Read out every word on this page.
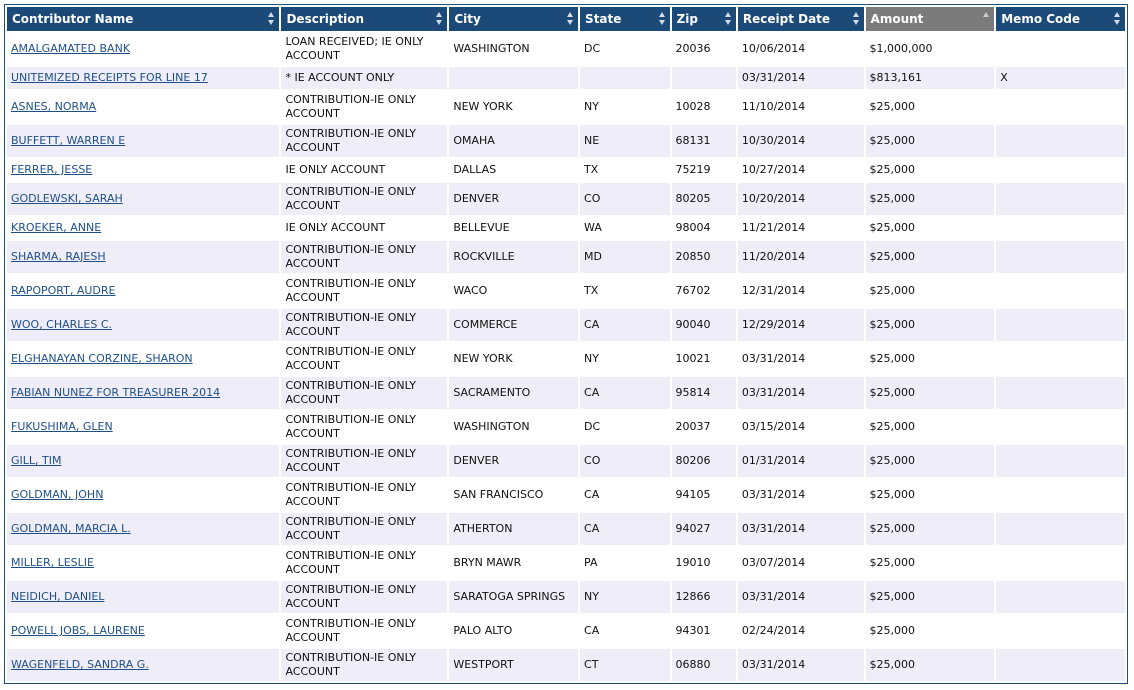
Contributor Name	Description	City	State	Zip	Receipt Date	Amount	Memo Code

AMALGAMATED BANK	LOAN RECEIVED; IE ONLY ACCOUNT	WASHINGTON	DC	20036	10/06/2014	$1,000,000	
UNITEMIZED RECEIPTS FOR LINE 17	* IE ACCOUNT ONLY				03/31/2014	$813,161	X
ASNES, NORMA	CONTRIBUTION-IE ONLY ACCOUNT	NEW YORK	NY	10028	11/10/2014	$25,000	
BUFFETT, WARREN E	CONTRIBUTION-IE ONLY ACCOUNT	OMAHA	NE	68131	10/30/2014	$25,000	
FERRER, JESSE	IE ONLY ACCOUNT	DALLAS	TX	75219	10/27/2014	$25,000	
GODLEWSKI, SARAH	CONTRIBUTION-IE ONLY ACCOUNT	DENVER	CO	80205	10/20/2014	$25,000	
KROEKER, ANNE	IE ONLY ACCOUNT	BELLEVUE	WA	98004	11/21/2014	$25,000	
SHARMA, RAJESH	CONTRIBUTION-IE ONLY ACCOUNT	ROCKVILLE	MD	20850	11/20/2014	$25,000	
RAPOPORT, AUDRE	CONTRIBUTION-IE ONLY ACCOUNT	WACO	TX	76702	12/31/2014	$25,000	
WOO, CHARLES C.	CONTRIBUTION-IE ONLY ACCOUNT	COMMERCE	CA	90040	12/29/2014	$25,000	
ELGHANAYAN CORZINE, SHARON	CONTRIBUTION-IE ONLY ACCOUNT	NEW YORK	NY	10021	03/31/2014	$25,000	
FABIAN NUNEZ FOR TREASURER 2014	CONTRIBUTION-IE ONLY ACCOUNT	SACRAMENTO	CA	95814	03/31/2014	$25,000	
FUKUSHIMA, GLEN	CONTRIBUTION-IE ONLY ACCOUNT	WASHINGTON	DC	20037	03/15/2014	$25,000	
GILL, TIM	CONTRIBUTION-IE ONLY ACCOUNT	DENVER	CO	80206	01/31/2014	$25,000	
GOLDMAN, JOHN	CONTRIBUTION-IE ONLY ACCOUNT	SAN FRANCISCO	CA	94105	03/31/2014	$25,000	
GOLDMAN, MARCIA L.	CONTRIBUTION-IE ONLY ACCOUNT	ATHERTON	CA	94027	03/31/2014	$25,000	
MILLER, LESLIE	CONTRIBUTION-IE ONLY ACCOUNT	BRYN MAWR	PA	19010	03/07/2014	$25,000	
NEIDICH, DANIEL	CONTRIBUTION-IE ONLY ACCOUNT	SARATOGA SPRINGS	NY	12866	03/31/2014	$25,000	
POWELL JOBS, LAURENE	CONTRIBUTION-IE ONLY ACCOUNT	PALO ALTO	CA	94301	02/24/2014	$25,000	
WAGENFELD, SANDRA G.	CONTRIBUTION-IE ONLY ACCOUNT	WESTPORT	CT	06880	03/31/2014	$25,000	
